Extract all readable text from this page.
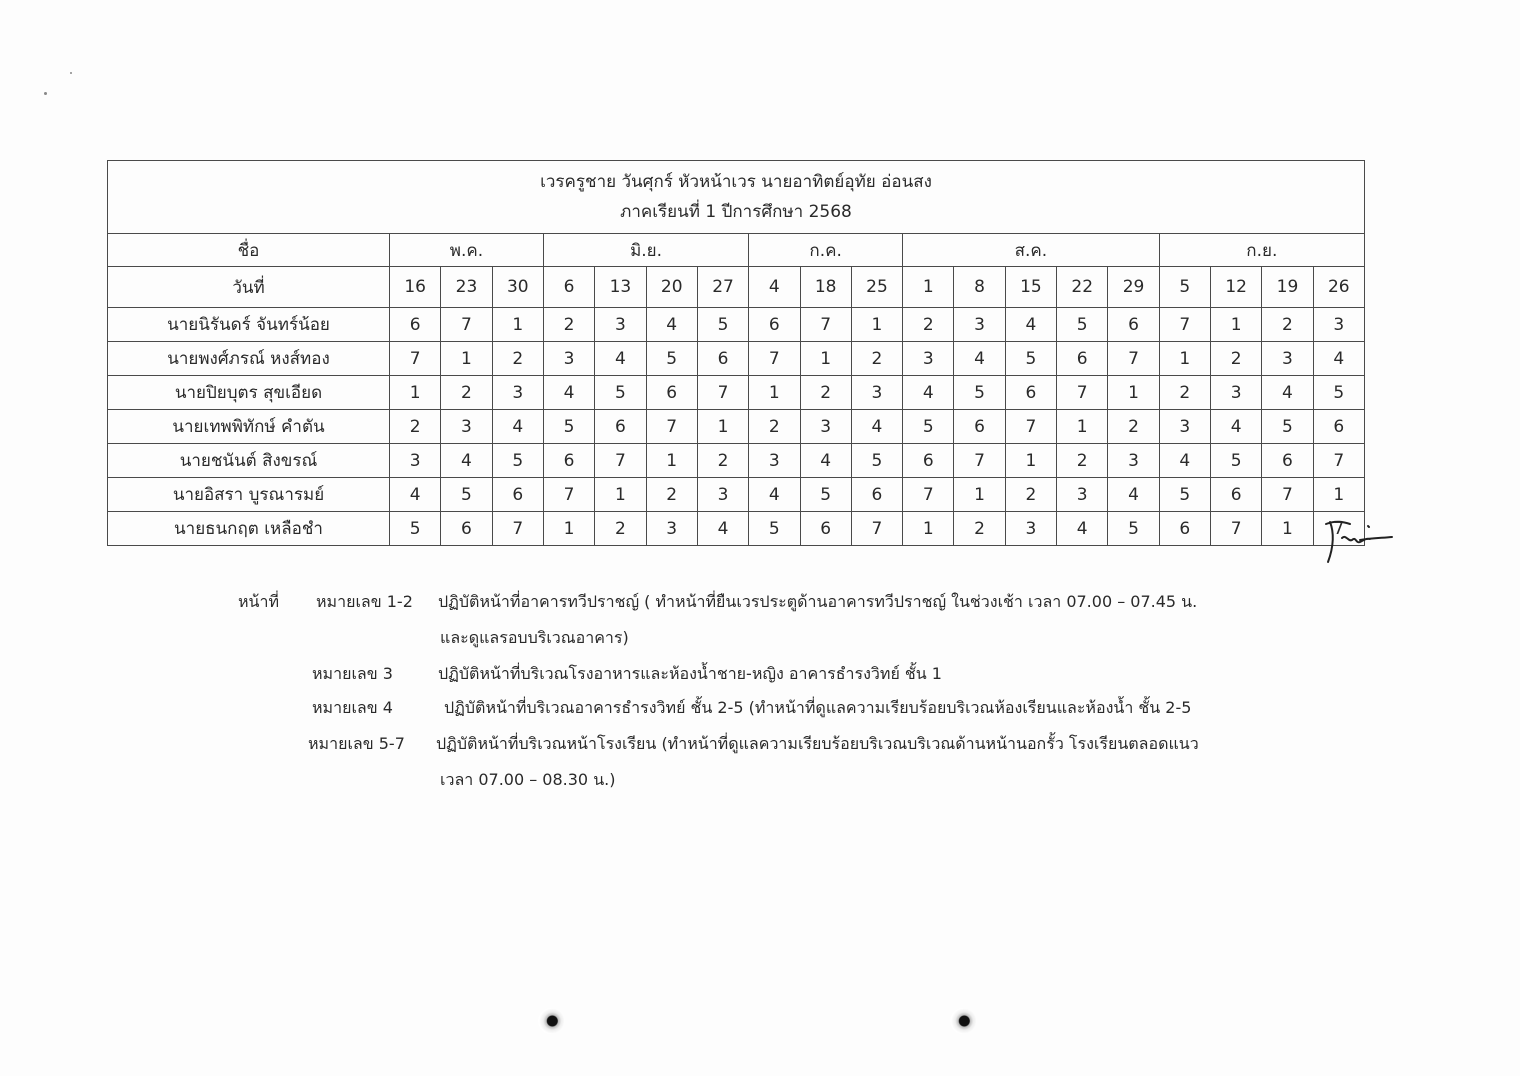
เวรครูชาย วันศุกร์ หัวหน้าเวร นายอาทิตย์อุทัย อ่อนสง
ภาคเรียนที่ 1 ปีการศึกษา 2568																			

ชื่อ	พ.ค.			มิ.ย.				ก.ค.			ส.ค.					ก.ย.			
วันที่	16	23	30	6	13	20	27	4	18	25	1	8	15	22	29	5	12	19	26
นายนิรันดร์ จันทร์น้อย	6	7	1	2	3	4	5	6	7	1	2	3	4	5	6	7	1	2	3
นายพงศ์ภรณ์ หงส์ทอง	7	1	2	3	4	5	6	7	1	2	3	4	5	6	7	1	2	3	4
นายปิยบุตร สุขเอียด	1	2	3	4	5	6	7	1	2	3	4	5	6	7	1	2	3	4	5
นายเทพพิทักษ์ คำตัน	2	3	4	5	6	7	1	2	3	4	5	6	7	1	2	3	4	5	6
นายชนันต์ สิงขรณ์	3	4	5	6	7	1	2	3	4	5	6	7	1	2	3	4	5	6	7
นายอิสรา บูรณารมย์	4	5	6	7	1	2	3	4	5	6	7	1	2	3	4	5	6	7	1
นายธนกฤต เหลือชำ	5	6	7	1	2	3	4	5	6	7	1	2	3	4	5	6	7	1	7
หน้าที่ หมายเลข 1-2 ปฏิบัติหน้าที่อาคารทวีปราชญ์ ( ทำหน้าที่ยืนเวรประตูด้านอาคารทวีปราชญ์ ในช่วงเช้า เวลา 07.00 – 07.45 น.
และดูแลรอบบริเวณอาคาร)
หมายเลข 3	ปฏิบัติหน้าที่บริเวณโรงอาหารและห้องน้ำชาย-หญิง อาคารธำรงวิทย์ ชั้น 1
หมายเลข 4	ปฏิบัติหน้าที่บริเวณอาคารธำรงวิทย์ ชั้น 2-5 (ทำหน้าที่ดูแลความเรียบร้อยบริเวณห้องเรียนและห้องน้ำ ชั้น 2-5
หมายเลข 5-7 ปฏิบัติหน้าที่บริเวณหน้าโรงเรียน (ทำหน้าที่ดูแลความเรียบร้อยบริเวณบริเวณด้านหน้านอกรั้ว โรงเรียนตลอดแนว
เวลา 07.00 – 08.30 น.)
